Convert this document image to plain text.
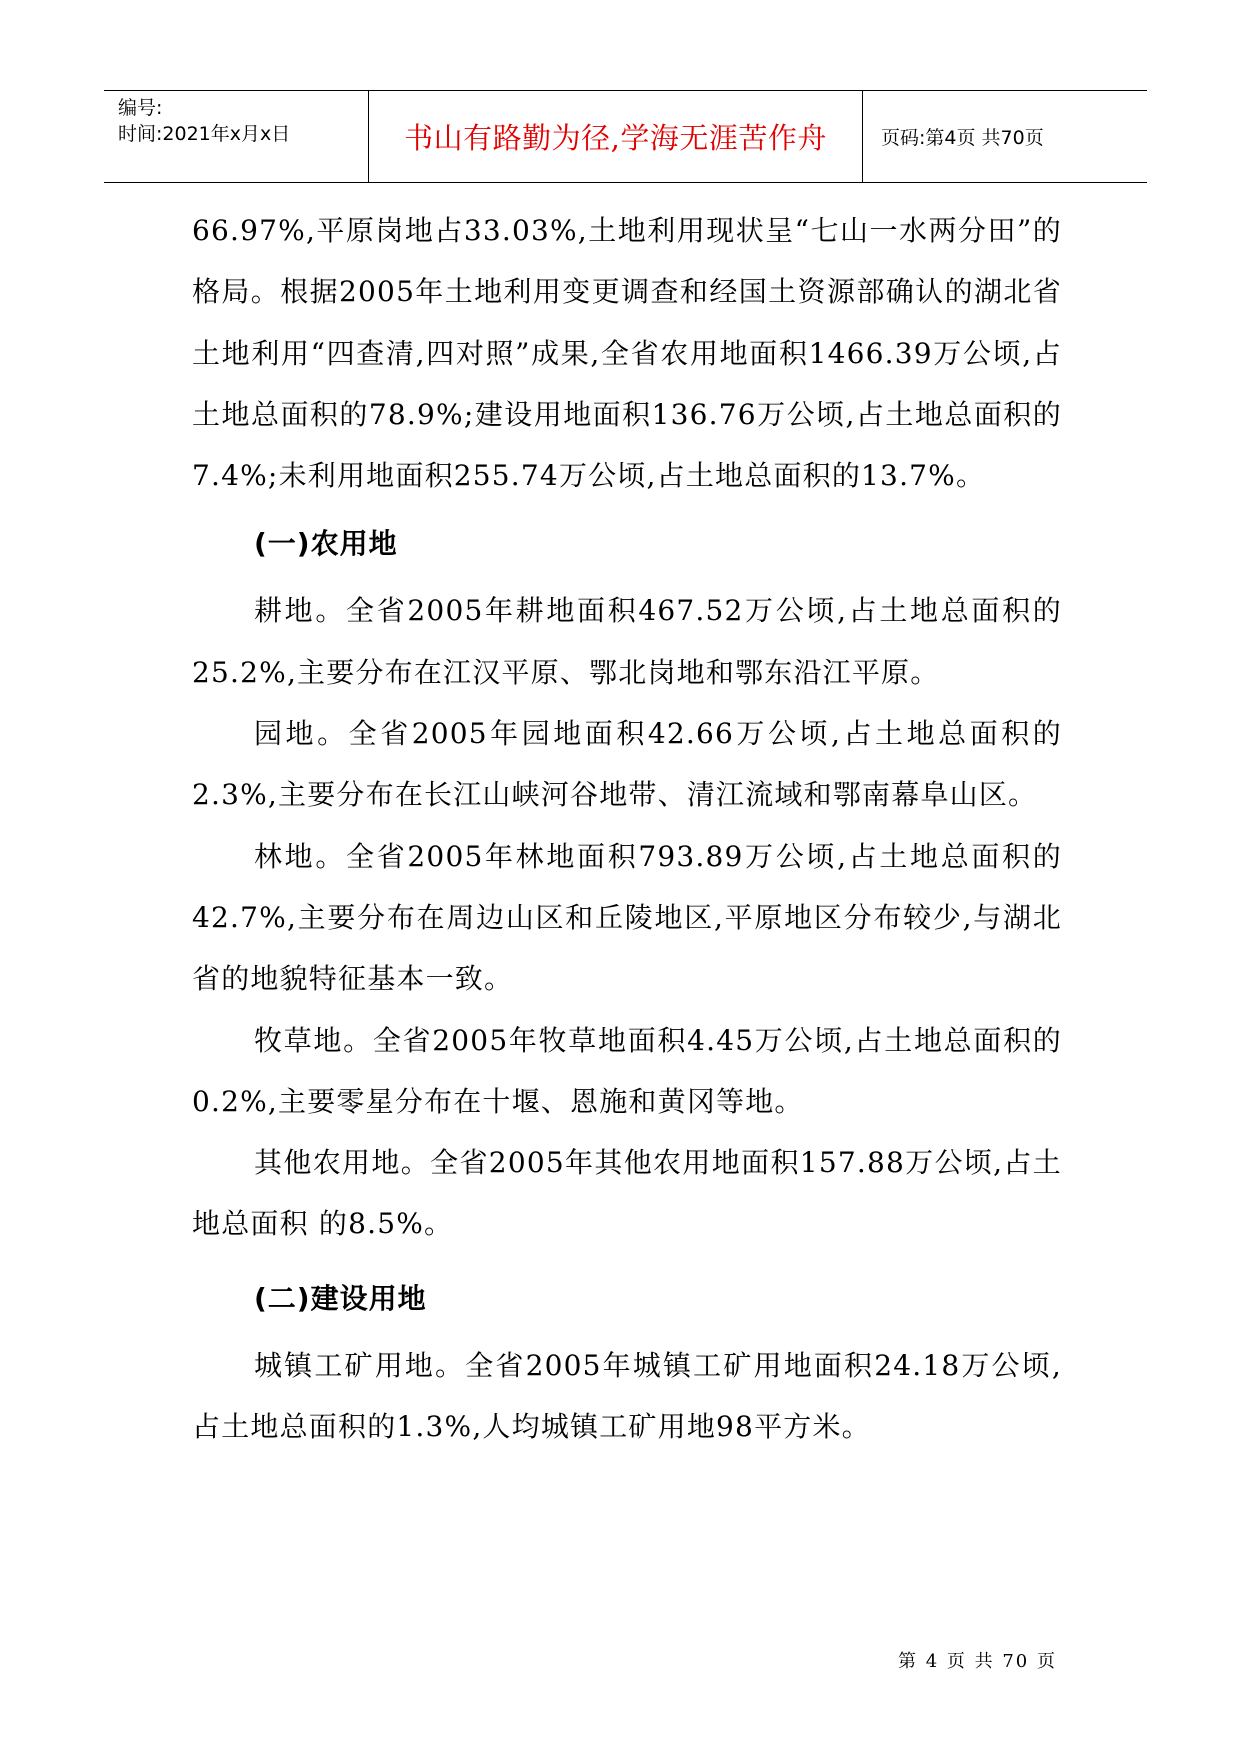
编号:
时间:2021年x月x日	书山有路勤为径,学海无涯苦作舟	页码:第4页 共70页

66.97%,平原岗地占33.03%,土地利用现状呈“七山一水两分田”的格局。根据2005年土地利用变更调查和经国土资源部确认的湖北省土地利用“四查清,四对照”成果,全省农用地面积1466.39万公顷,占土地总面积的78.9%;建设用地面积136.76万公顷,占土地总面积的7.4%;未利用地面积255.74万公顷,占土地总面积的13.7%。

(一)农用地

耕地。全省2005年耕地面积467.52万公顷,占土地总面积的25.2%,主要分布在江汉平原、鄂北岗地和鄂东沿江平原。

园地。全省2005年园地面积42.66万公顷,占土地总面积的2.3%,主要分布在长江山峡河谷地带、清江流域和鄂南幕阜山区。

林地。全省2005年林地面积793.89万公顷,占土地总面积的42.7%,主要分布在周边山区和丘陵地区,平原地区分布较少,与湖北省的地貌特征基本一致。

牧草地。全省2005年牧草地面积4.45万公顷,占土地总面积的0.2%,主要零星分布在十堰、恩施和黄冈等地。

其他农用地。全省2005年其他农用地面积157.88万公顷,占土地总面积 的8.5%。

(二)建设用地

城镇工矿用地。全省2005年城镇工矿用地面积24.18万公顷,占土地总面积的1.3%,人均城镇工矿用地98平方米。

第 4 页 共 70 页
